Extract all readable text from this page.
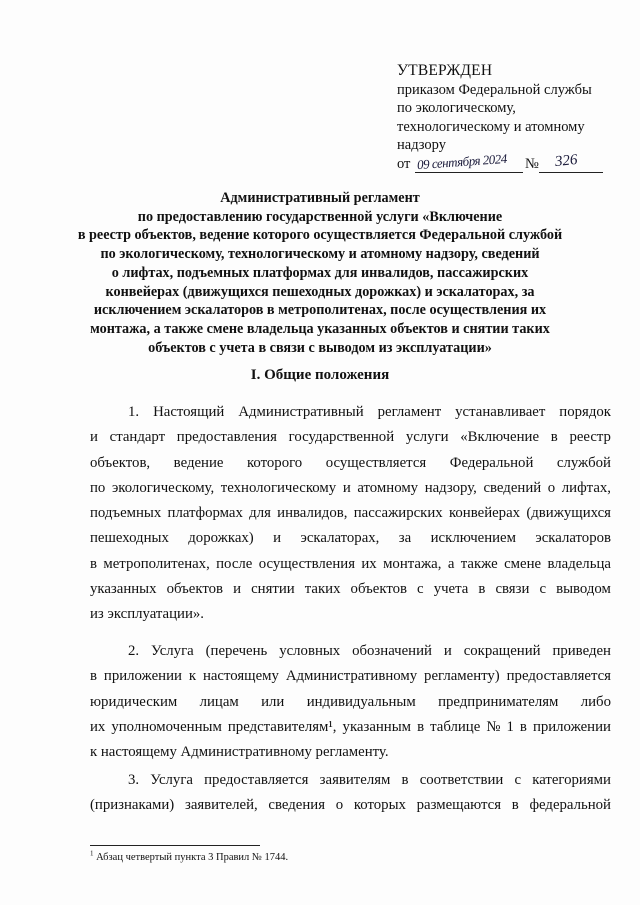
УТВЕРЖДЕН
приказом Федеральной службы
по экологическому,
технологическому и атомному
надзору
от 09 сентября 2024 № 326
Административный регламент
по предоставлению государственной услуги «Включение
в реестр объектов, ведение которого осуществляется Федеральной службой
по экологическому, технологическому и атомному надзору, сведений
о лифтах, подъемных платформах для инвалидов, пассажирских
конвейерах (движущихся пешеходных дорожках) и эскалаторах, за
исключением эскалаторов в метрополитенах, после осуществления их
монтажа, а также смене владельца указанных объектов и снятии таких
объектов с учета в связи с выводом из эксплуатации»
I. Общие положения
1. Настоящий Административный регламент устанавливает порядок
и стандарт предоставления государственной услуги «Включение в реестр
объектов, ведение которого осуществляется Федеральной службой
по экологическому, технологическому и атомному надзору, сведений о лифтах,
подъемных платформах для инвалидов, пассажирских конвейерах (движущихся
пешеходных дорожках) и эскалаторах, за исключением эскалаторов
в метрополитенах, после осуществления их монтажа, а также смене владельца
указанных объектов и снятии таких объектов с учета в связи с выводом
из эксплуатации».
2. Услуга (перечень условных обозначений и сокращений приведен
в приложении к настоящему Административному регламенту) предоставляется
юридическим лицам или индивидуальным предпринимателям либо
их уполномоченным представителям¹, указанным в таблице № 1 в приложении
к настоящему Административному регламенту.
3. Услуга предоставляется заявителям в соответствии с категориями
(признаками) заявителей, сведения о которых размещаются в федеральной
$^1$ Абзац четвертый пункта 3 Правил № 1744.
